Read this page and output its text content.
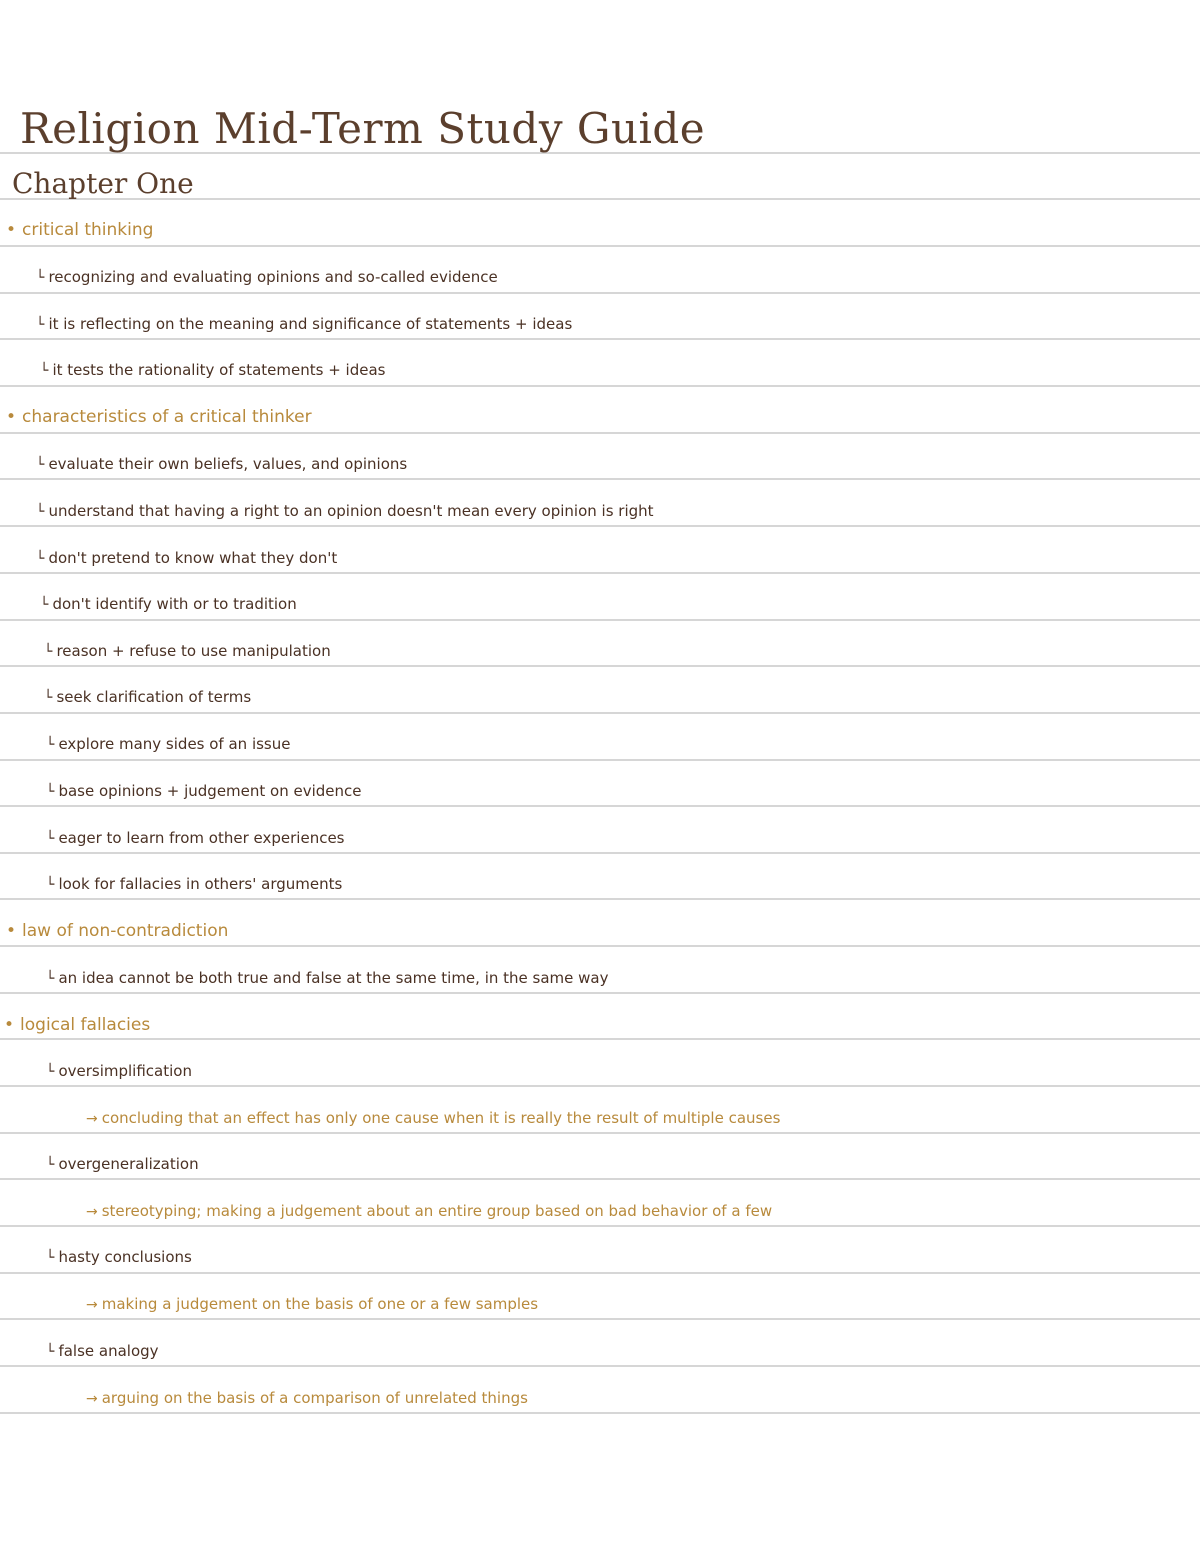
Religion Mid-Term Study Guide
Chapter One
• critical thinking
└ recognizing and evaluating opinions and so-called evidence
└ it is reflecting on the meaning and significance of statements + ideas
└ it tests the rationality of statements + ideas
• characteristics of a critical thinker
└ evaluate their own beliefs, values, and opinions
└ understand that having a right to an opinion doesn't mean every opinion is right
└ don't pretend to know what they don't
└ don't identify with or to tradition
└ reason + refuse to use manipulation
└ seek clarification of terms
└ explore many sides of an issue
└ base opinions + judgement on evidence
└ eager to learn from other experiences
└ look for fallacies in others' arguments
• law of non-contradiction
└ an idea cannot be both true and false at the same time, in the same way
• logical fallacies
└ oversimplification
→ concluding that an effect has only one cause when it is really the result of multiple causes
└ overgeneralization
→ stereotyping; making a judgement about an entire group based on bad behavior of a few
└ hasty conclusions
→ making a judgement on the basis of one or a few samples
└ false analogy
→ arguing on the basis of a comparison of unrelated things
